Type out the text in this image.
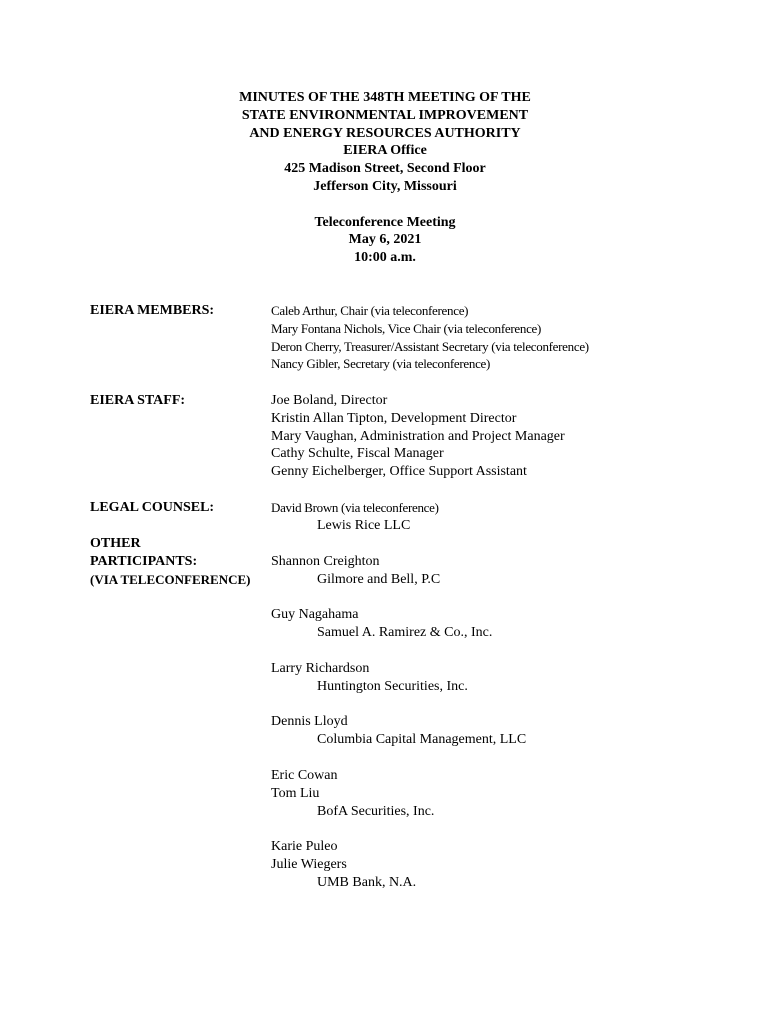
MINUTES OF THE 348TH MEETING OF THE
STATE ENVIRONMENTAL IMPROVEMENT
AND ENERGY RESOURCES AUTHORITY
EIERA Office
425 Madison Street, Second Floor
Jefferson City, Missouri
Teleconference Meeting
May 6, 2021
10:00 a.m.
EIERA MEMBERS:	Caleb Arthur, Chair (via teleconference)
Mary Fontana Nichols, Vice Chair (via teleconference)
Deron Cherry, Treasurer/Assistant Secretary (via teleconference)
Nancy Gibler, Secretary (via teleconference)
EIERA STAFF:	Joe Boland, Director
Kristin Allan Tipton, Development Director
Mary Vaughan, Administration and Project Manager
Cathy Schulte, Fiscal Manager
Genny Eichelberger, Office Support Assistant
LEGAL COUNSEL:	David Brown (via teleconference)
Lewis Rice LLC
OTHER
PARTICIPANTS:
(VIA TELECONFERENCE)
Shannon Creighton
Gilmore and Bell, P.C
Guy Nagahama
Samuel A. Ramirez & Co., Inc.
Larry Richardson
Huntington Securities, Inc.
Dennis Lloyd
Columbia Capital Management, LLC
Eric Cowan
Tom Liu
BofA Securities, Inc.
Karie Puleo
Julie Wiegers
UMB Bank, N.A.
